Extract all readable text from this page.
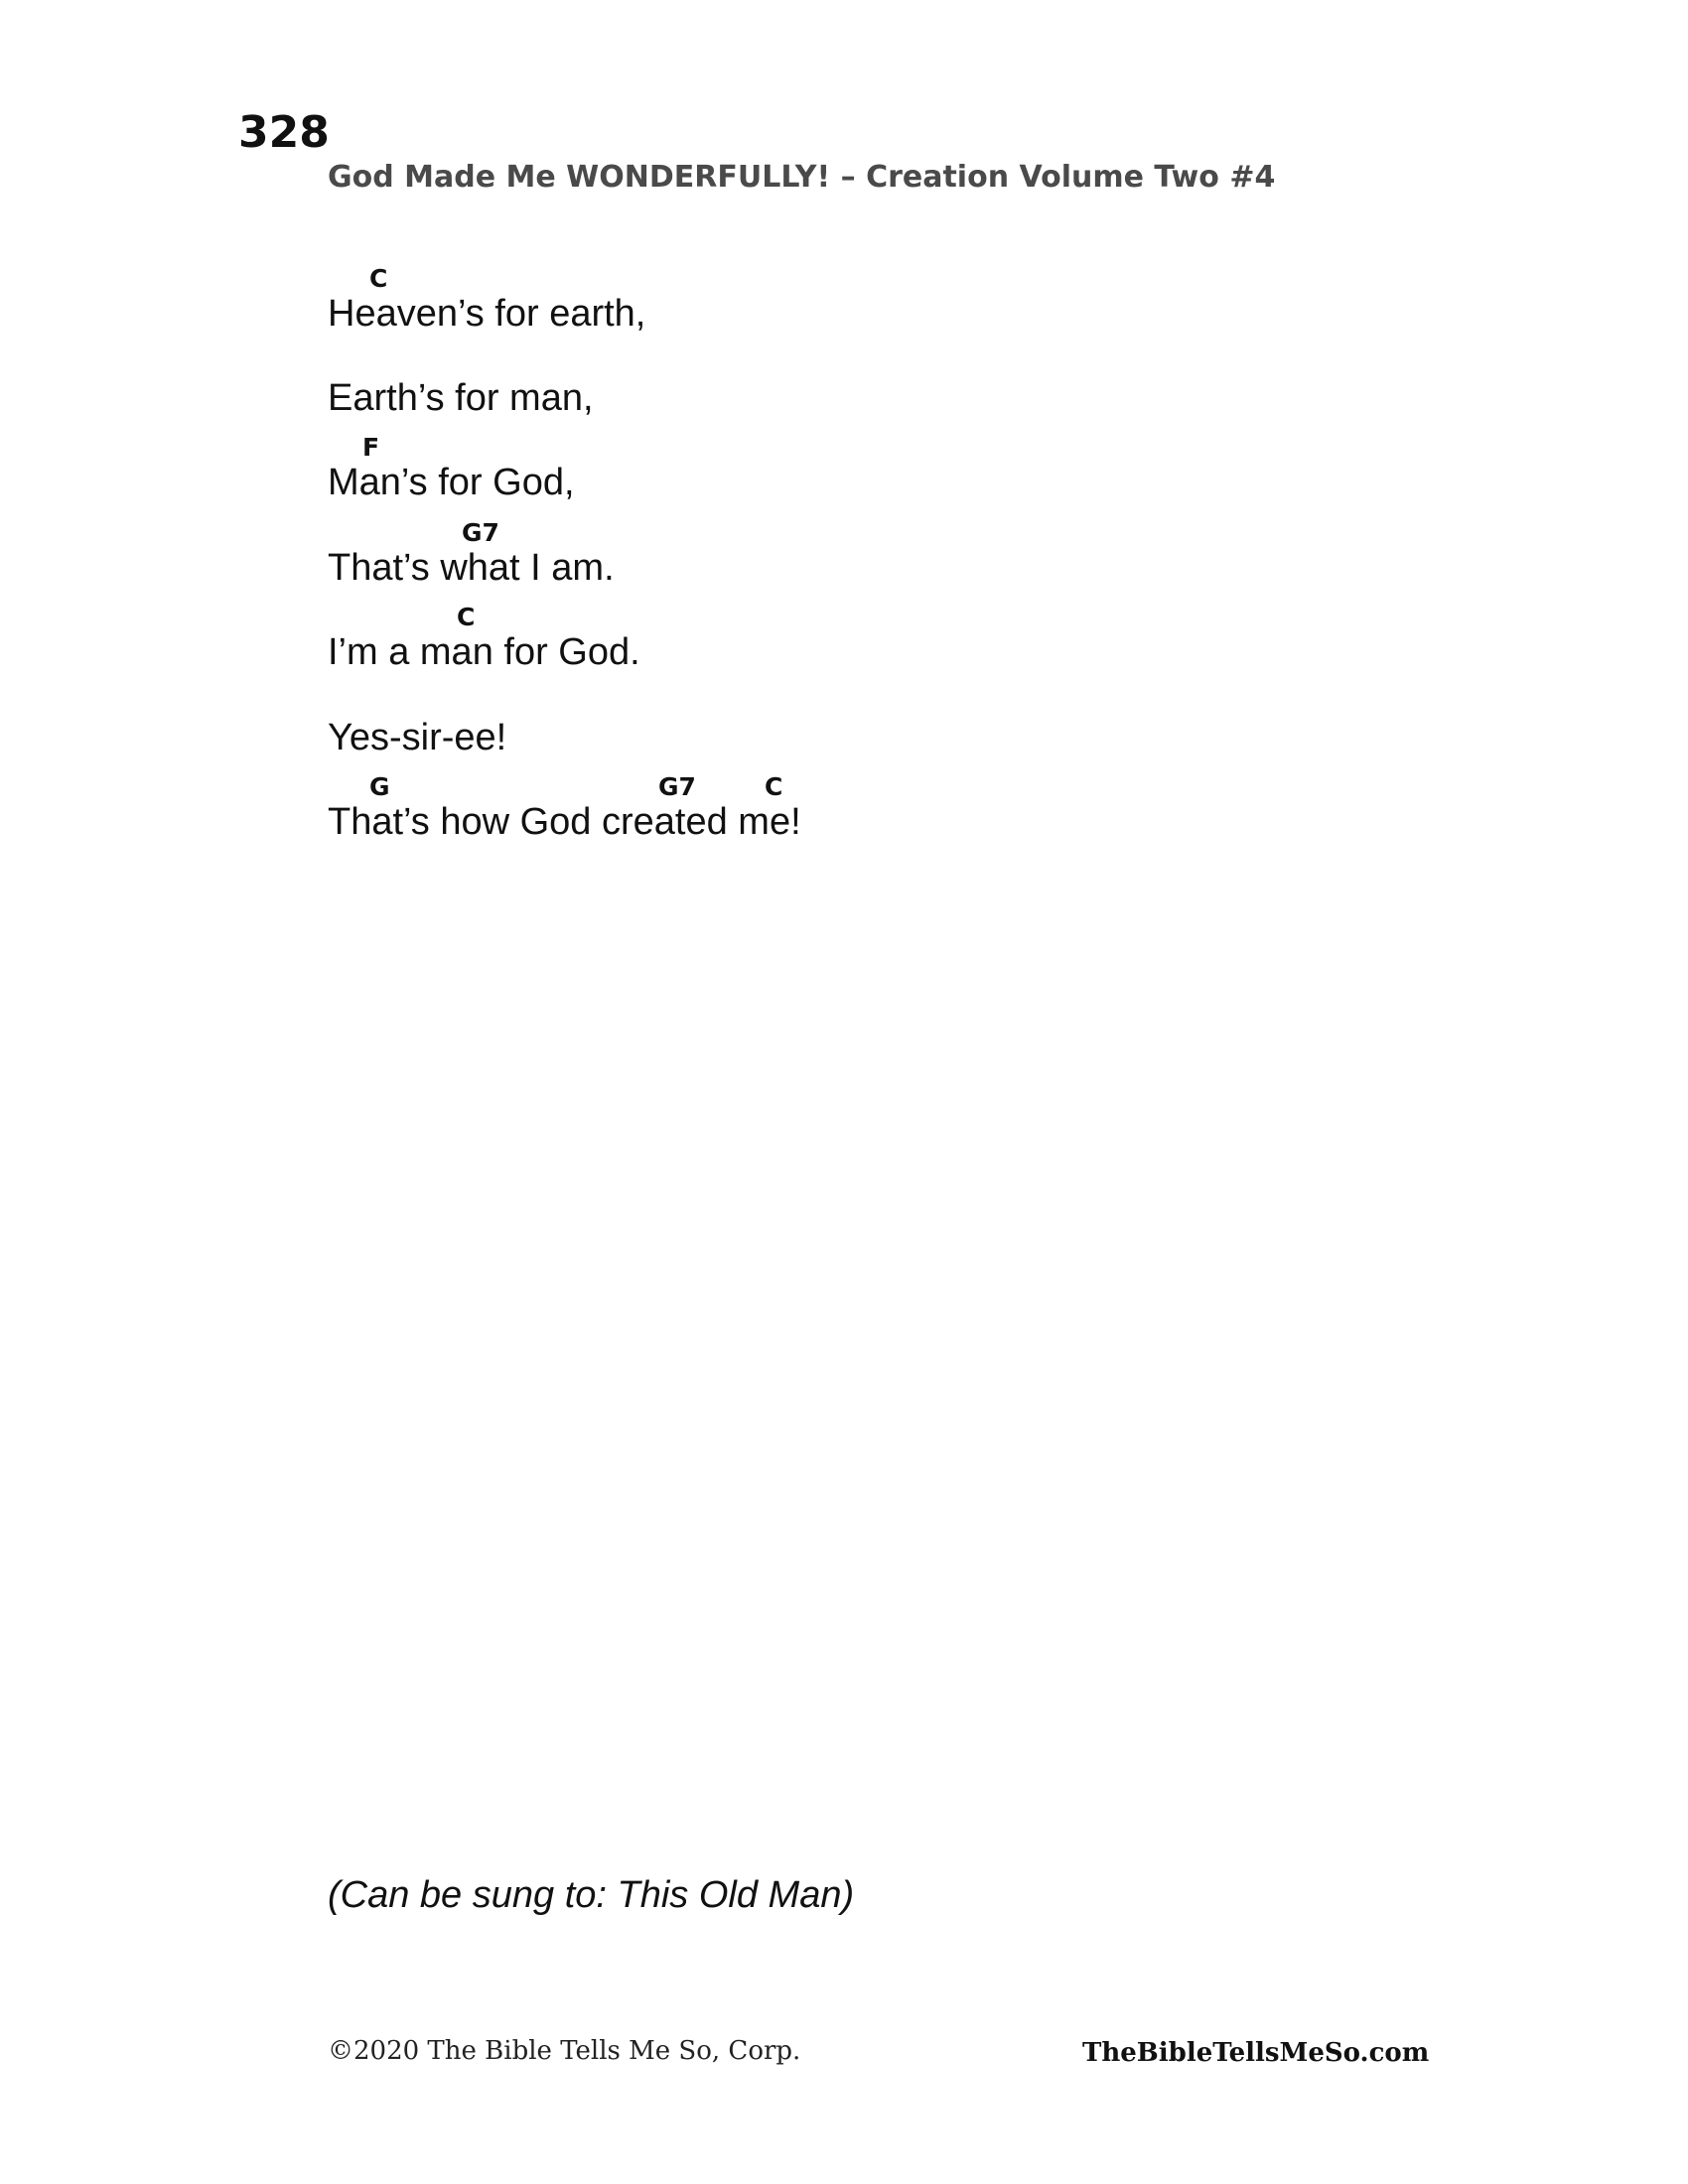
328
God Made Me WONDERFULLY! – Creation Volume Two #4
C
Heaven’s for earth,
Earth’s for man,
F
Man’s for God,
G7
That’s what I am.
C
I’m a man for God.
Yes-sir-ee!
G	G7	C
That’s how God created me!
(Can be sung to: This Old Man)
©2020 The Bible Tells Me So, Corp.	TheBibleTellsMeSo.com
